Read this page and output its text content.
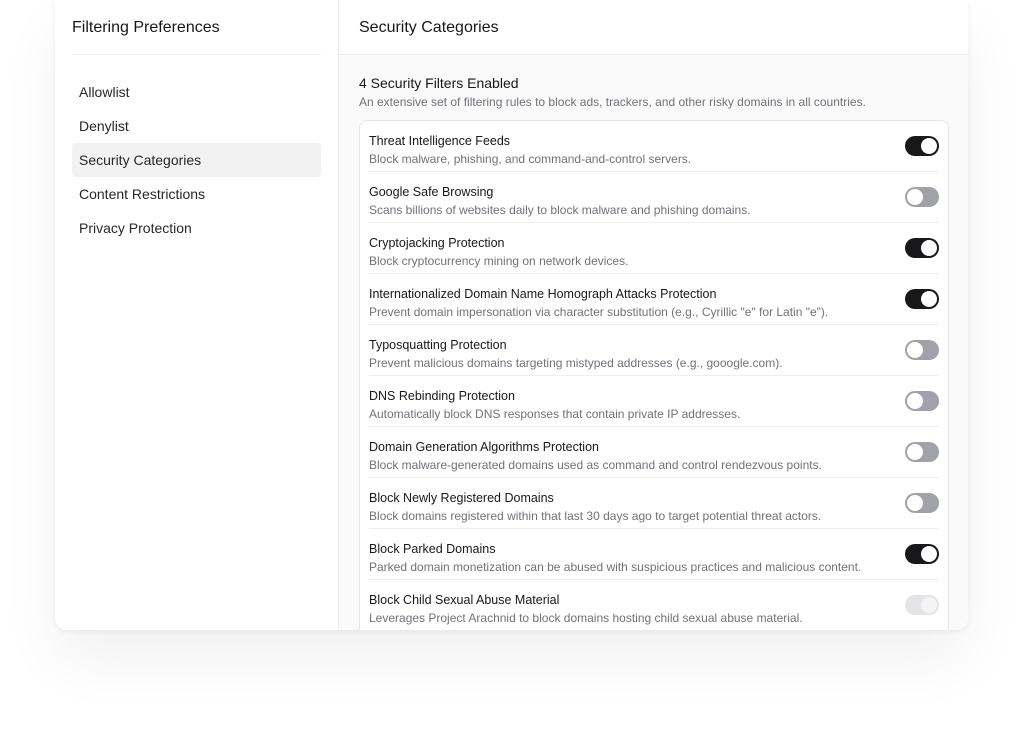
Filtering Preferences
Allowlist
Denylist
Security Categories
Content Restrictions
Privacy Protection
Security Categories
4 Security Filters Enabled

An extensive set of filtering rules to block ads, trackers, and other risky domains in all countries.

Threat Intelligence Feeds
Block malware, phishing, and command-and-control servers.
Google Safe Browsing
Scans billions of websites daily to block malware and phishing domains.
Cryptojacking Protection
Block cryptocurrency mining on network devices.
Internationalized Domain Name Homograph Attacks Protection
Prevent domain impersonation via character substitution (e.g., Cyrillic "e" for Latin "e").
Typosquatting Protection
Prevent malicious domains targeting mistyped addresses (e.g., gooogle.com).
DNS Rebinding Protection
Automatically block DNS responses that contain private IP addresses.
Domain Generation Algorithms Protection
Block malware-generated domains used as command and control rendezvous points.
Block Newly Registered Domains
Block domains registered within that last 30 days ago to target potential threat actors.
Block Parked Domains
Parked domain monetization can be abused with suspicious practices and malicious content.
Block Child Sexual Abuse Material
Leverages Project Arachnid to block domains hosting child sexual abuse material.
